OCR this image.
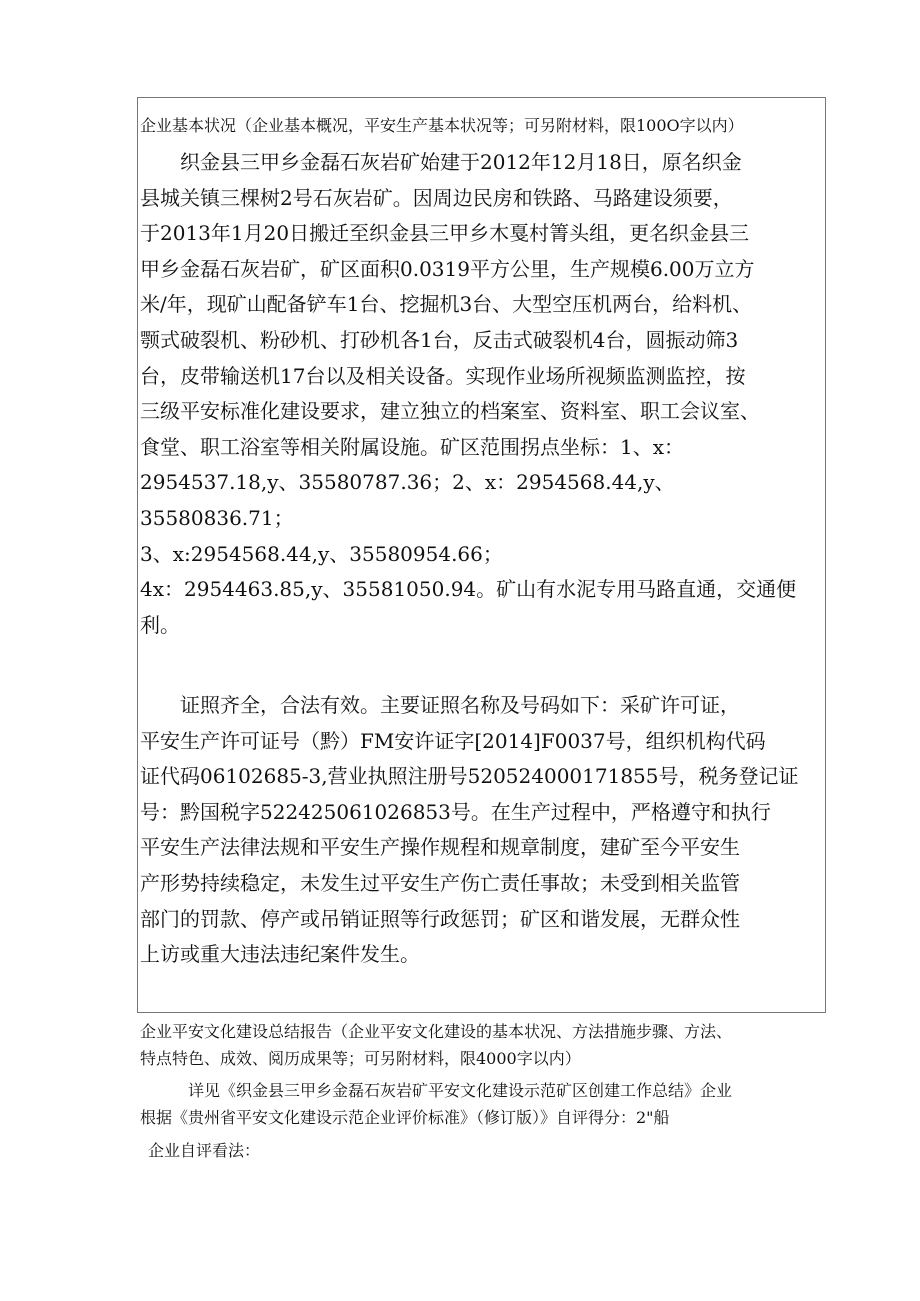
企业基本状况（企业基本概况，平安生产基本状况等；可另附材料，限100O字以内）

织金县三甲乡金磊石灰岩矿始建于2012年12月18日，原名织金

县城关镇三棵树2号石灰岩矿。因周边民房和铁路、马路建设须要，

于2013年1月20日搬迁至织金县三甲乡木戛村箐头组，更名织金县三

甲乡金磊石灰岩矿，矿区面积0.0319平方公里，生产规模6.00万立方

米/年，现矿山配备铲车1台、挖掘机3台、大型空压机两台，给料机、

颚式破裂机、粉砂机、打砂机各1台，反击式破裂机4台，圆振动筛3

台，皮带输送机17台以及相关设备。实现作业场所视频监测监控，按

三级平安标准化建设要求，建立独立的档案室、资料室、职工会议室、

食堂、职工浴室等相关附属设施。矿区范围拐点坐标：1、x：

2954537.18,y、35580787.36；2、x：2954568.44,y、35580836.71；

3、x:2954568.44,y、35580954.66；

4x：2954463.85,y、35581050.94。矿山有水泥专用马路直通，交通便

利。

证照齐全，合法有效。主要证照名称及号码如下：采矿许可证，

平安生产许可证号（黔）FM安许证字[2014]F0037号，组织机构代码

证代码06102685-3,营业执照注册号520524000171855号，税务登记证

号：黔国税字522425061026853号。在生产过程中，严格遵守和执行

平安生产法律法规和平安生产操作规程和规章制度，建矿至今平安生

产形势持续稳定，未发生过平安生产伤亡责任事故；未受到相关监管

部门的罚款、停产或吊销证照等行政惩罚；矿区和谐发展，无群众性

上访或重大违法违纪案件发生。

企业平安文化建设总结报告（企业平安文化建设的基本状况、方法措施步骤、方法、
特点特色、成效、阅历成果等；可另附材料，限4000字以内）

详见《织金县三甲乡金磊石灰岩矿平安文化建设示范矿区创建工作总结》企业

根据《贵州省平安文化建设示范企业评价标准》（修订版）》自评得分：2"船

企业自评看法：
